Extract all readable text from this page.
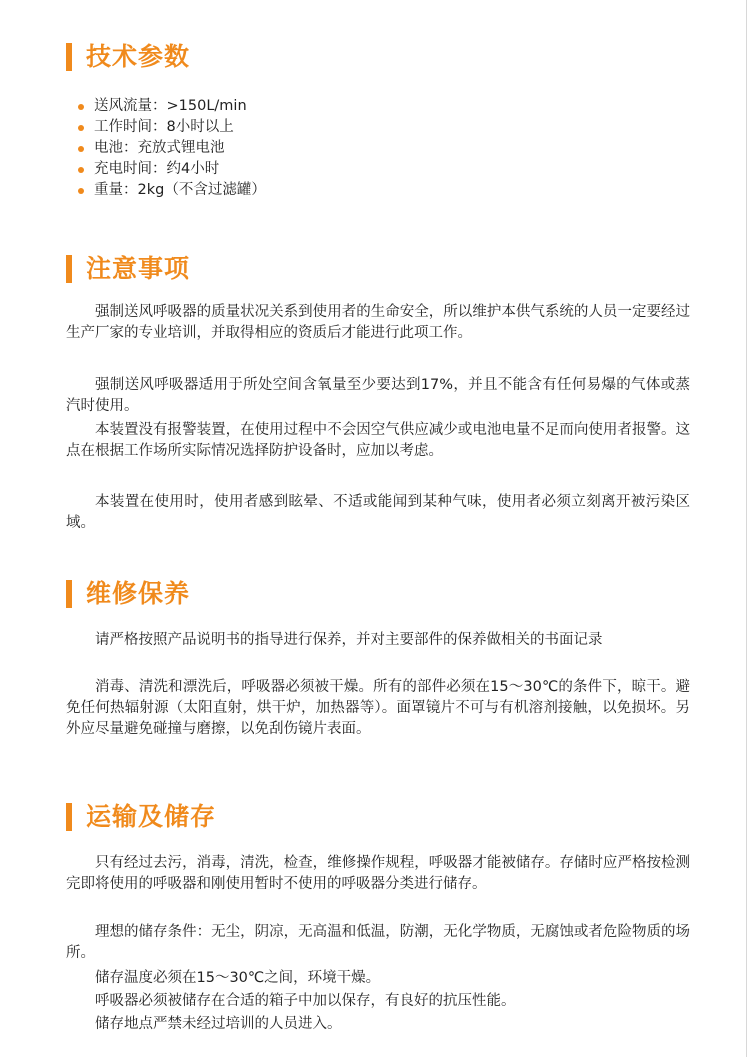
技术参数
送风流量：>150L/min
工作时间：8小时以上
电池：充放式锂电池
充电时间：约4小时
重量：2kg（不含过滤罐）
注意事项

强制送风呼吸器的质量状况关系到使用者的生命安全，所以维护本供气系统的人员一定要经过生产厂家的专业培训，并取得相应的资质后才能进行此项工作。

强制送风呼吸器适用于所处空间含氧量至少要达到17%，并且不能含有任何易爆的气体或蒸汽时使用。

本装置没有报警装置，在使用过程中不会因空气供应减少或电池电量不足而向使用者报警。这点在根据工作场所实际情况选择防护设备时，应加以考虑。

本装置在使用时，使用者感到眩晕、不适或能闻到某种气味，使用者必须立刻离开被污染区域。

维修保养

请严格按照产品说明书的指导进行保养，并对主要部件的保养做相关的书面记录

消毒、清洗和漂洗后，呼吸器必须被干燥。所有的部件必须在15～30℃的条件下，晾干。避免任何热辐射源（太阳直射，烘干炉，加热器等）。面罩镜片不可与有机溶剂接触，以免损坏。另外应尽量避免碰撞与磨擦，以免刮伤镜片表面。

运输及储存

只有经过去污，消毒，清洗，检查，维修操作规程，呼吸器才能被储存。存储时应严格按检测完即将使用的呼吸器和刚使用暂时不使用的呼吸器分类进行储存。

理想的储存条件：无尘，阴凉，无高温和低温，防潮，无化学物质，无腐蚀或者危险物质的场所。

储存温度必须在15～30℃之间，环境干燥。

呼吸器必须被储存在合适的箱子中加以保存，有良好的抗压性能。

储存地点严禁未经过培训的人员进入。
